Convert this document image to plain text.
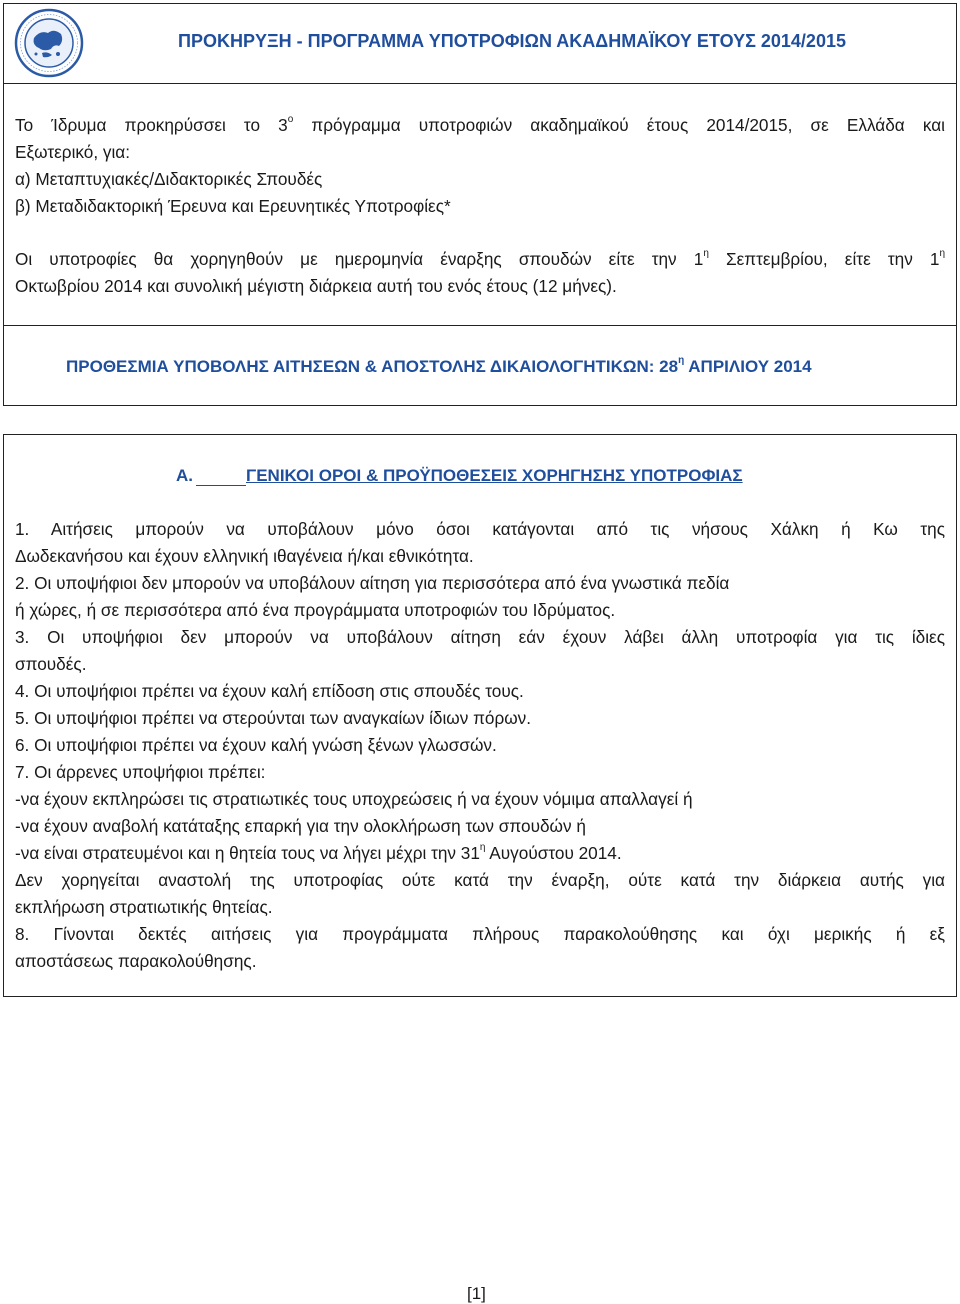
ΠΡΟΚΗΡΥΞΗ - ΠΡΟΓΡΑΜΜΑ ΥΠΟΤΡΟΦΙΩΝ ΑΚΑΔΗΜΑΪΚΟΥ ΕΤΟΥΣ 2014/2015
Το Ίδρυμα προκηρύσσει το $3^o$ πρόγραμμα υποτροφιών ακαδημαϊκού έτους 2014/2015, σε Ελλάδα και
Εξωτερικό, για:
α) Μεταπτυχιακές/Διδακτορικές Σπουδές
β) Μεταδιδακτορική Έρευνα και Ερευνητικές Υποτροφίες*
Οι υποτροφίες θα χορηγηθούν με ημερομηνία έναρξης σπουδών είτε την $1^\eta$ Σεπτεμβρίου, είτε την $1^\eta$
Οκτωβρίου 2014 και συνολική μέγιστη διάρκεια αυτή του ενός έτους (12 μήνες).
ΠΡΟΘΕΣΜΙΑ ΥΠΟΒΟΛΗΣ ΑΙΤΗΣΕΩΝ & ΑΠΟΣΤΟΛΗΣ ΔΙΚΑΙΟΛΟΓΗΤΙΚΩΝ: $28^\eta$ ΑΠΡΙΛΙΟΥ 2014
Α.	ΓΕΝΙΚΟΙ ΟΡΟΙ & ΠΡΟΫΠΟΘΕΣΕΙΣ ΧΟΡΗΓΗΣΗΣ ΥΠΟΤΡΟΦΙΑΣ
1. Αιτήσεις μπορούν να υποβάλουν μόνο όσοι κατάγονται από τις νήσους Χάλκη ή Κω της
Δωδεκανήσου και έχουν ελληνική ιθαγένεια ή/και εθνικότητα.
2. Οι υποψήφιοι δεν μπορούν να υποβάλουν αίτηση για περισσότερα από ένα γνωστικά πεδία
ή χώρες, ή σε περισσότερα από ένα προγράμματα υποτροφιών του Ιδρύματος.
3. Οι υποψήφιοι δεν μπορούν να υποβάλουν αίτηση εάν έχουν λάβει άλλη υποτροφία για τις ίδιες
σπουδές.
4. Οι υποψήφιοι πρέπει να έχουν καλή επίδοση στις σπουδές τους.
5. Οι υποψήφιοι πρέπει να στερούνται των αναγκαίων ίδιων πόρων.
6. Οι υποψήφιοι πρέπει να έχουν καλή γνώση ξένων γλωσσών.
7. Οι άρρενες υποψήφιοι πρέπει:
-να έχουν εκπληρώσει τις στρατιωτικές τους υποχρεώσεις ή να έχουν νόμιμα απαλλαγεί ή
-να έχουν αναβολή κατάταξης επαρκή για την ολοκλήρωση των σπουδών ή
-να είναι στρατευμένοι και η θητεία τους να λήγει μέχρι την $31^\eta$ Αυγούστου 2014.
Δεν χορηγείται αναστολή της υποτροφίας ούτε κατά την έναρξη, ούτε κατά την διάρκεια αυτής για
εκπλήρωση στρατιωτικής θητείας.
8. Γίνονται δεκτές αιτήσεις για προγράμματα πλήρους παρακολούθησης και όχι μερικής ή εξ
αποστάσεως παρακολούθησης.
[1]
